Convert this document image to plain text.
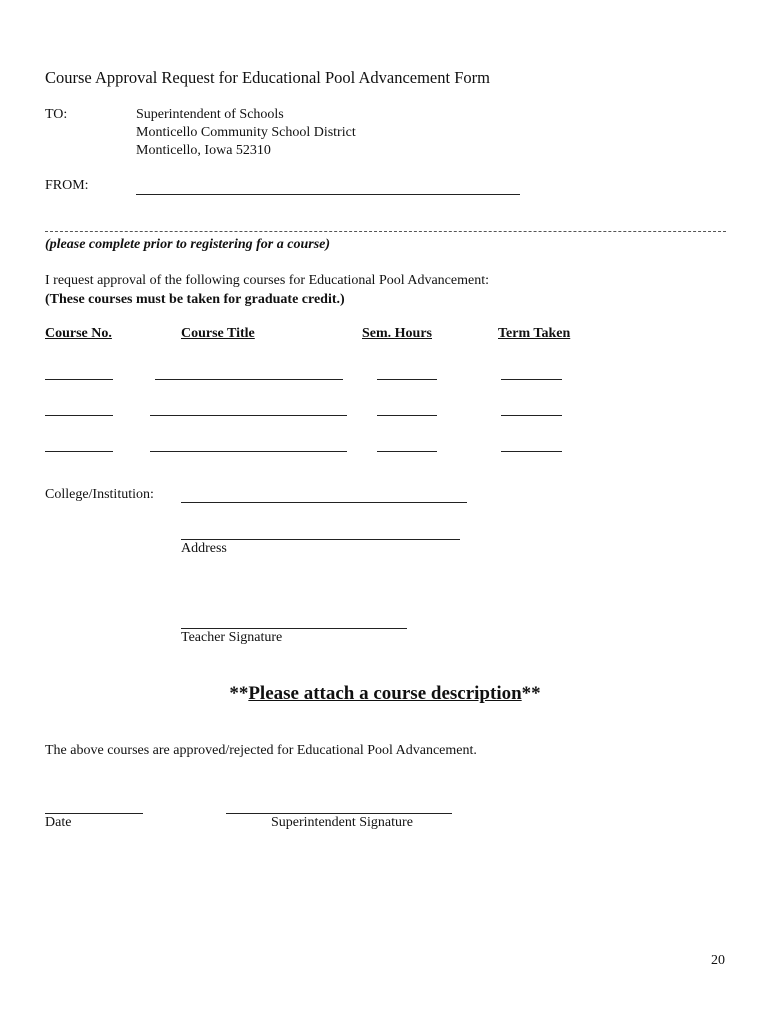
Course Approval Request for Educational Pool Advancement Form
TO:	Superintendent of Schools
Monticello Community School District
Monticello, Iowa 52310
FROM:
(please complete prior to registering for a course)
I request approval of the following courses for Educational Pool Advancement:
(These courses must be taken for graduate credit.)
Course No.	Course Title	Sem. Hours	Term Taken
College/Institution:
Address
Teacher Signature
**Please attach a course description**
The above courses are approved/rejected for Educational Pool Advancement.
Date	Superintendent Signature
20
